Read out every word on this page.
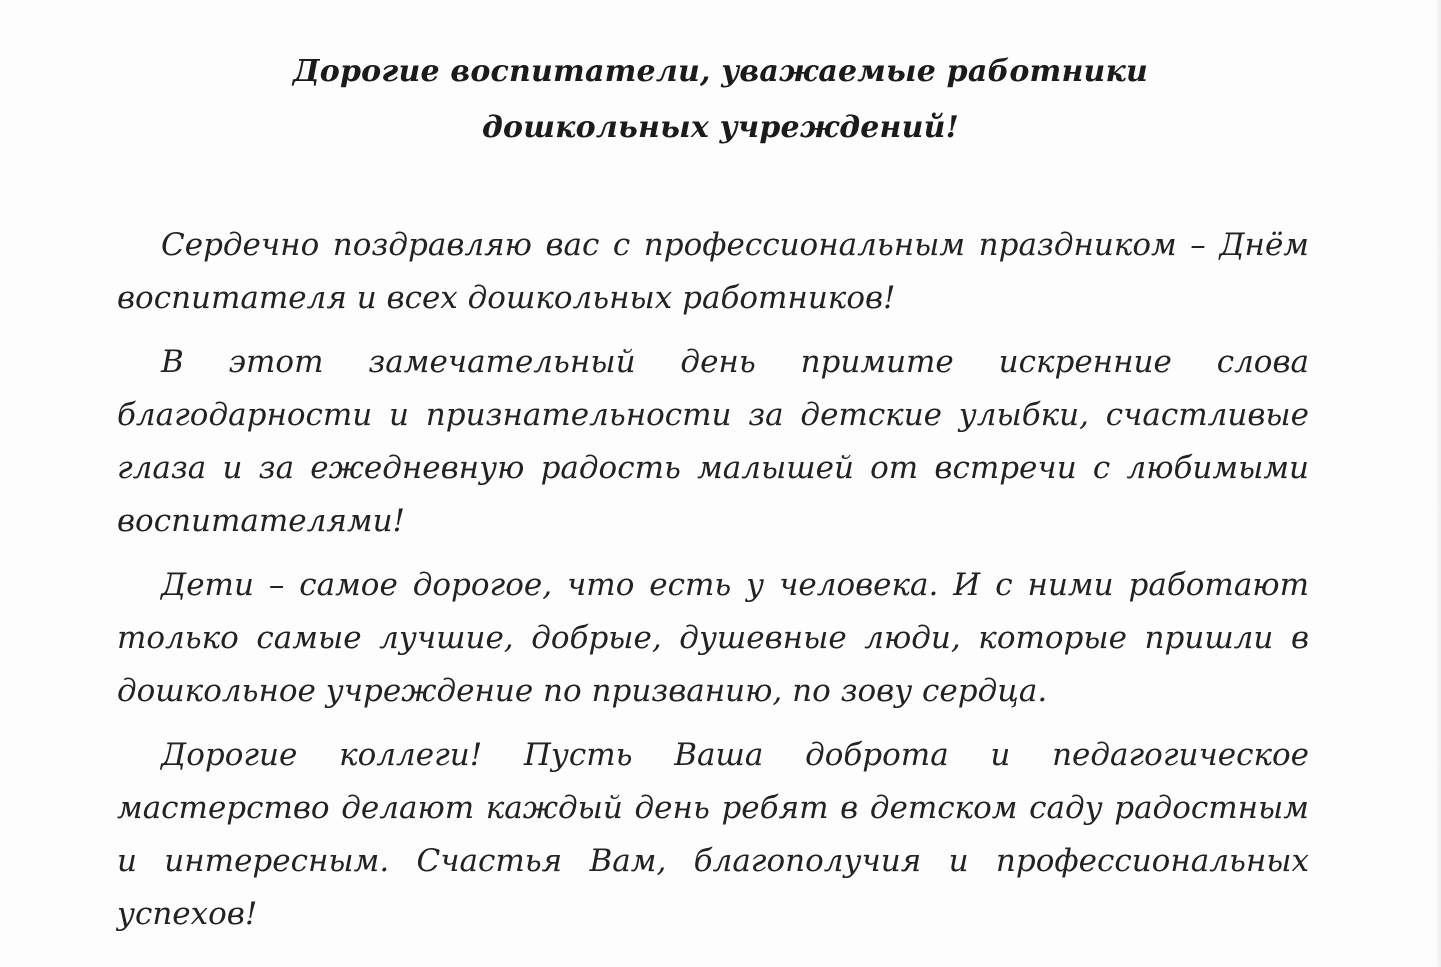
Дорогие воспитатели, уважаемые работники
дошкольных учреждений!

Сердечно поздравляю вас с профессиональным праздником – Днём воспитателя и всех дошкольных работников!

В этот замечательный день примите искренние слова благодарности и признательности за детские улыбки, счастливые глаза и за ежедневную радость малышей от встречи с любимыми воспитателями!

Дети – самое дорогое, что есть у человека. И с ними работают только самые лучшие, добрые, душевные люди, которые пришли в дошкольное учреждение по призванию, по зову сердца.

Дорогие коллеги! Пусть Ваша доброта и педагогическое мастерство делают каждый день ребят в детском саду радостным и интересным. Счастья Вам, благополучия и профессиональных успехов!
